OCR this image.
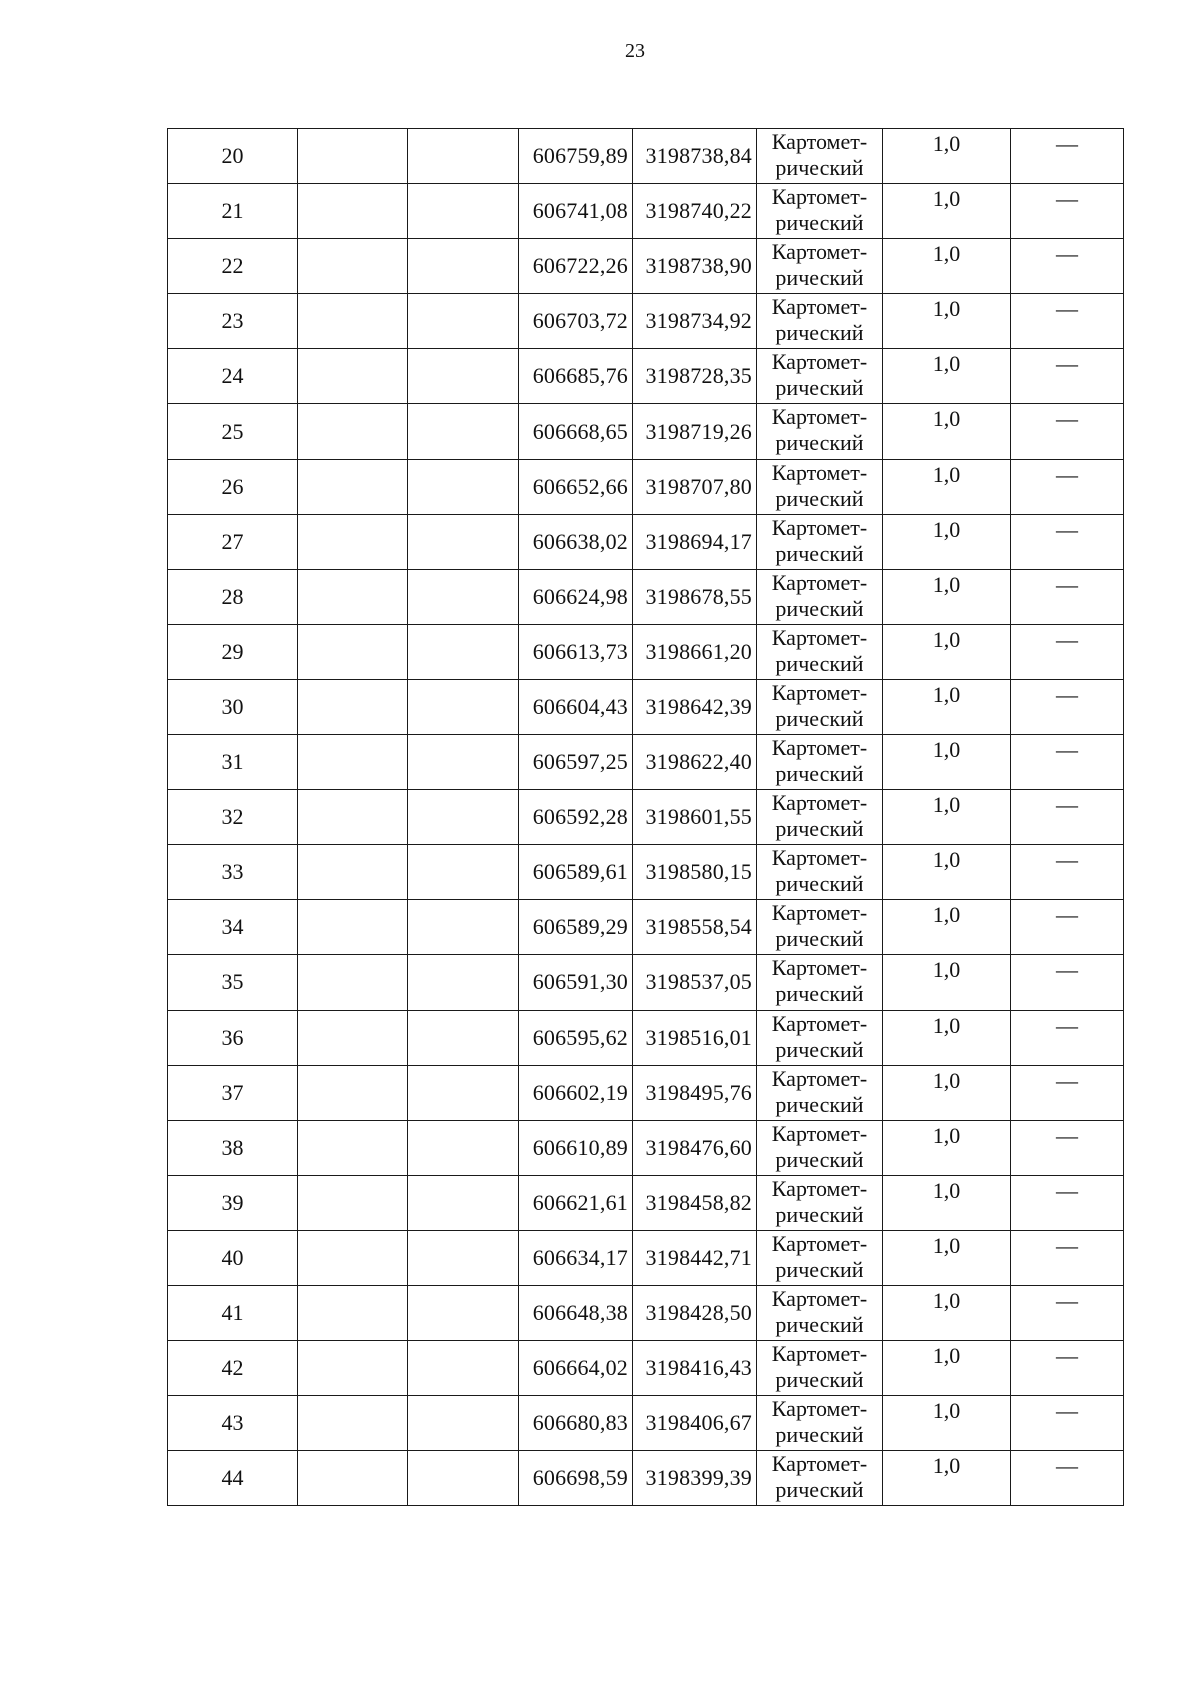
23
20			606759,89	3198738,84	Картомет-
рический	1,0	—
21			606741,08	3198740,22	Картомет-
рический	1,0	—
22			606722,26	3198738,90	Картомет-
рический	1,0	—
23			606703,72	3198734,92	Картомет-
рический	1,0	—
24			606685,76	3198728,35	Картомет-
рический	1,0	—
25			606668,65	3198719,26	Картомет-
рический	1,0	—
26			606652,66	3198707,80	Картомет-
рический	1,0	—
27			606638,02	3198694,17	Картомет-
рический	1,0	—
28			606624,98	3198678,55	Картомет-
рический	1,0	—
29			606613,73	3198661,20	Картомет-
рический	1,0	—
30			606604,43	3198642,39	Картомет-
рический	1,0	—
31			606597,25	3198622,40	Картомет-
рический	1,0	—
32			606592,28	3198601,55	Картомет-
рический	1,0	—
33			606589,61	3198580,15	Картомет-
рический	1,0	—
34			606589,29	3198558,54	Картомет-
рический	1,0	—
35			606591,30	3198537,05	Картомет-
рический	1,0	—
36			606595,62	3198516,01	Картомет-
рический	1,0	—
37			606602,19	3198495,76	Картомет-
рический	1,0	—
38			606610,89	3198476,60	Картомет-
рический	1,0	—
39			606621,61	3198458,82	Картомет-
рический	1,0	—
40			606634,17	3198442,71	Картомет-
рический	1,0	—
41			606648,38	3198428,50	Картомет-
рический	1,0	—
42			606664,02	3198416,43	Картомет-
рический	1,0	—
43			606680,83	3198406,67	Картомет-
рический	1,0	—
44			606698,59	3198399,39	Картомет-
рический	1,0	—
